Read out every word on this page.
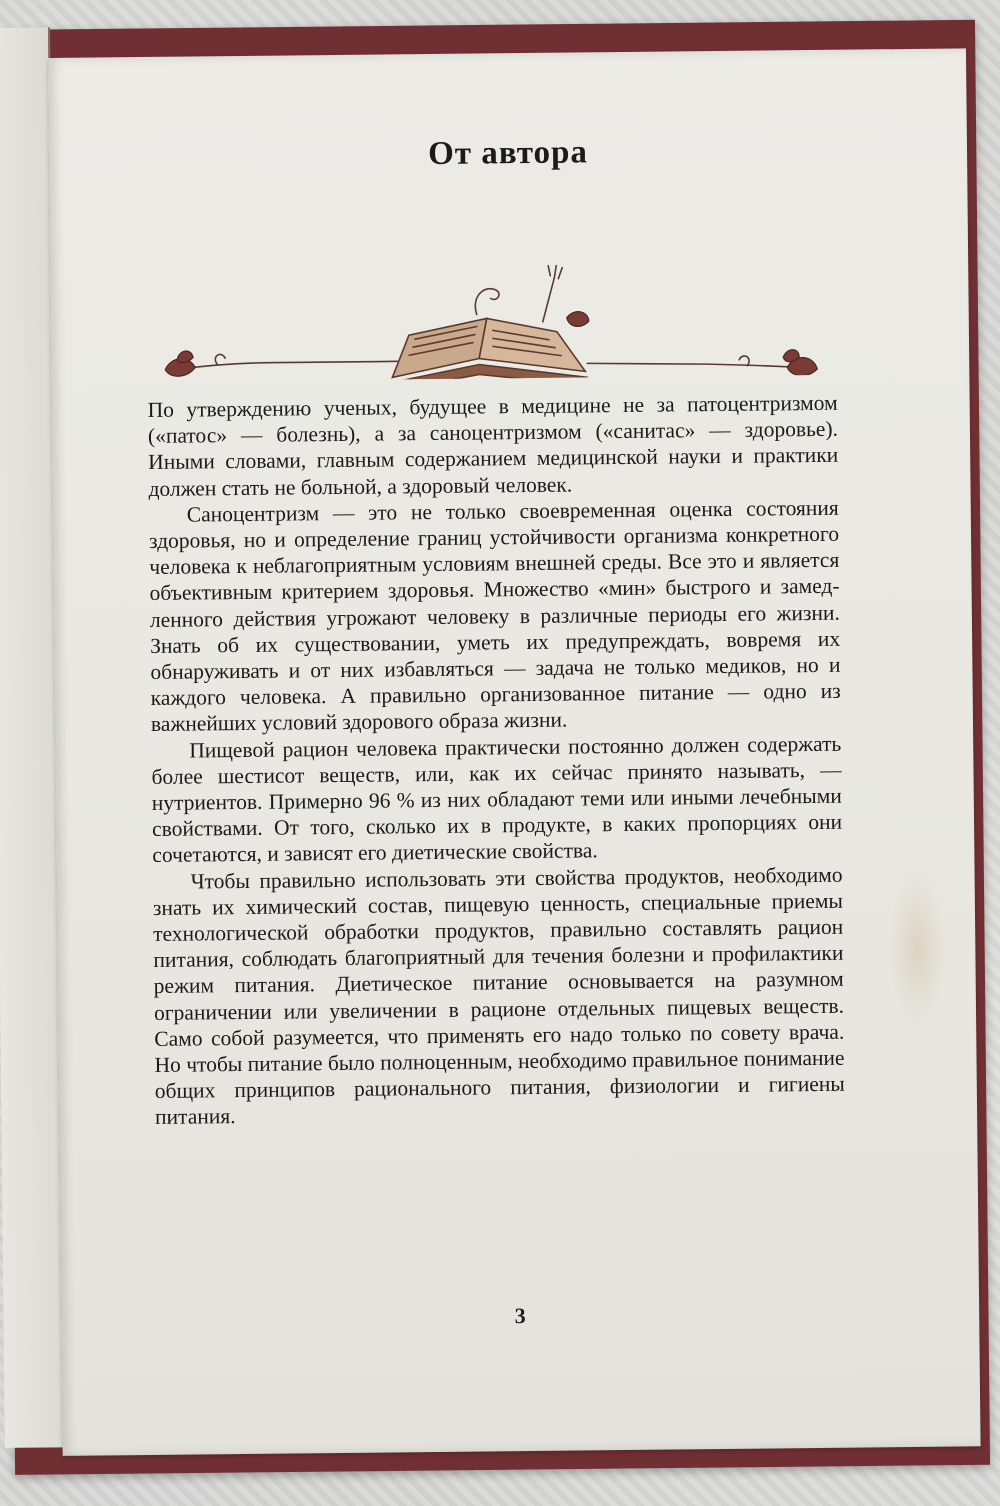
От автора

По утверждению ученых, будущее в медицине не за патоцентризмом («патос» — болезнь), а за саноцентризмом («санитас» — здоровье). Иными словами, главным содержанием медицинской науки и практики должен стать не больной, а здоровый человек.

Саноцентризм — это не только своевременная оценка состояния здоровья, но и определение границ устойчивости организма конкретного человека к неблагоприятным условиям внешней среды. Все это и является объективным критерием здоровья. Множество «мин» быстрого и замедленного действия угрожают человеку в различные периоды его жизни. Знать об их существовании, уметь их предупреждать, вовремя их обнаруживать и от них избавляться — задача не только медиков, но и каждого человека. А правильно организованное питание — одно из важнейших условий здорового образа жизни.

Пищевой рацион человека практически постоянно должен содержать более шестисот веществ, или, как их сейчас принято называть, — нутриентов. Примерно 96 % из них обладают теми или иными лечебными свойствами. От того, сколько их в продукте, в каких пропорциях они сочетаются, и зависят его диетические свойства.

Чтобы правильно использовать эти свойства продуктов, необходимо знать их химический состав, пищевую ценность, специальные приемы технологической обработки продуктов, правильно составлять рацион питания, соблюдать благоприятный для течения болезни и профилактики режим питания. Диетическое питание основывается на разумном ограничении или увеличении в рационе отдельных пищевых веществ. Само собой разумеется, что применять его надо только по совету врача. Но чтобы питание было полноценным, необходимо правильное понимание общих принципов рационального питания, физиологии и гигиены питания.

3
